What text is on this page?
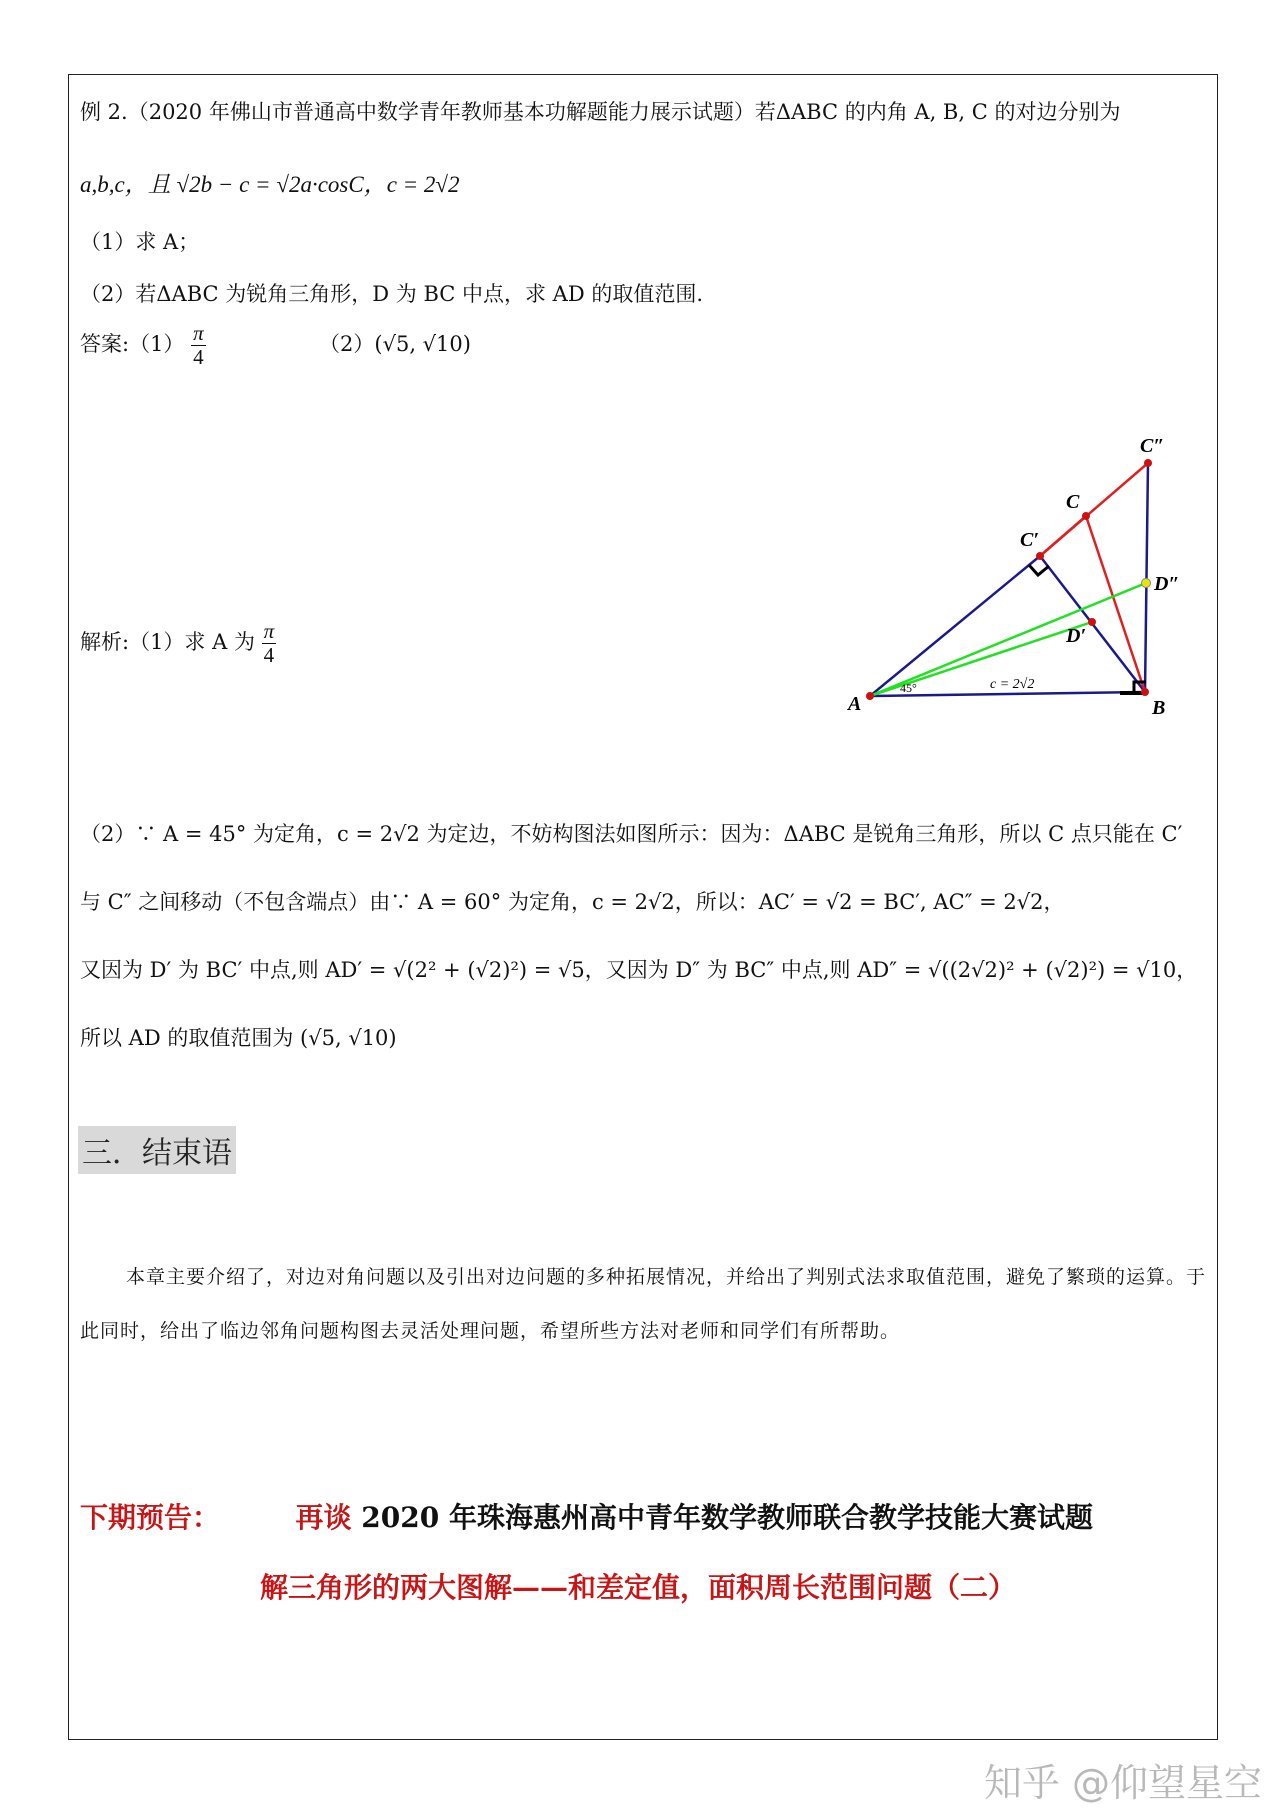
例 2.（2020 年佛山市普通高中数学青年教师基本功解题能力展示试题）若ΔABC 的内角 A, B, C 的对边分别为
a,b,c，且 √2b − c = √2a·cosC，c = 2√2
（1）求 A；
（2）若ΔABC 为锐角三角形，D 为 BC 中点，求 AD 的取值范围.
答案:（1） $\frac{\pi}{4}$	（2）(√5, √10)
解析:（1）求 A 为 $\frac{\pi}{4}$
A	B
C
C′
C″
D′
D″
45°	c = 2√2
（2）∵ A = 45° 为定角，c = 2√2 为定边，不妨构图法如图所示：因为：ΔABC 是锐角三角形，所以 C 点只能在 C′
与 C″ 之间移动（不包含端点）由∵ A = 60° 为定角，c = 2√2，所以：AC′ = √2 = BC′, AC″ = 2√2，
又因为 D′ 为 BC′ 中点,则 AD′ = √(2² + (√2)²) = √5，又因为 D″ 为 BC″ 中点,则 AD″ = √((2√2)² + (√2)²) = √10，
所以 AD 的取值范围为 (√5, √10)
三．结束语
本章主要介绍了，对边对角问题以及引出对边问题的多种拓展情况，并给出了判别式法求取值范围，避免了繁琐的运算。于此同时，给出了临边邻角问题构图去灵活处理问题，希望所些方法对老师和同学们有所帮助。
下期预告：	再谈 2020 年珠海惠州高中青年数学教师联合教学技能大赛试题
解三角形的两大图解——和差定值，面积周长范围问题（二）
知乎 @仰望星空
